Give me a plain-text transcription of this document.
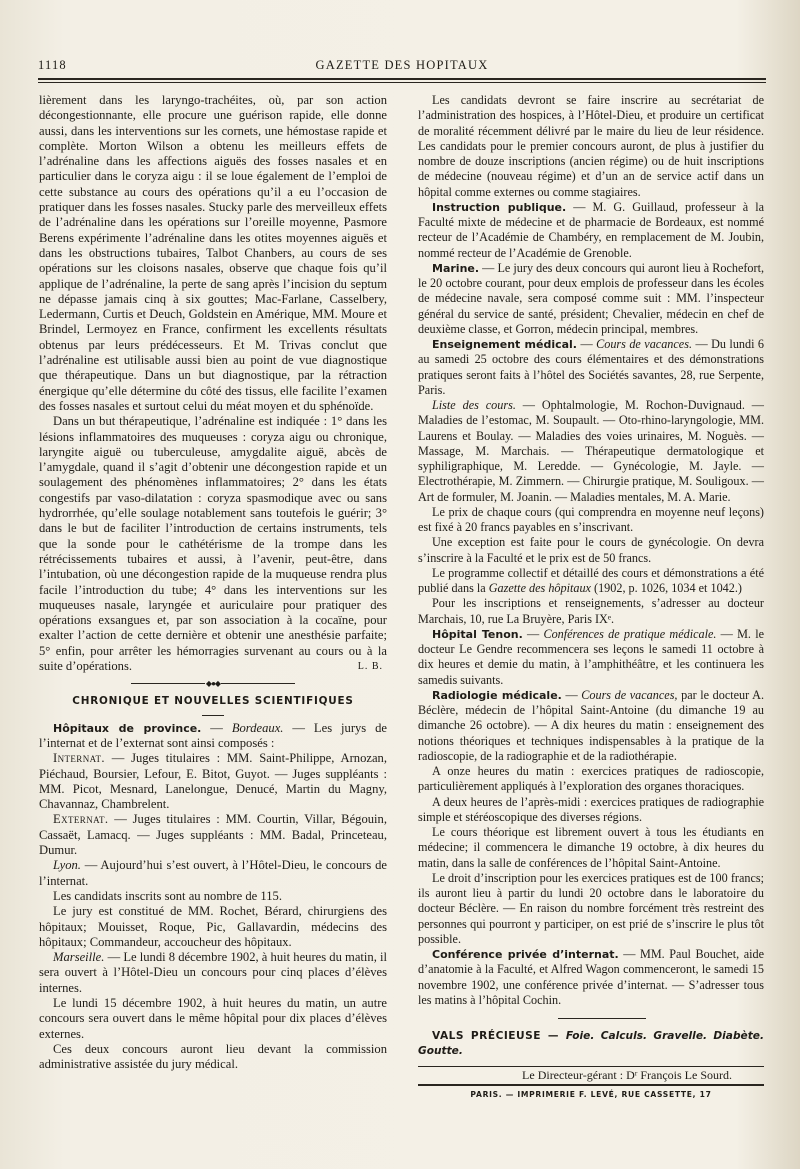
1118	GAZETTE DES HOPITAUX

lièrement dans les laryngo-trachéites, où, par son action décongestionnante, elle procure une guérison rapide, elle donne aussi, dans les interventions sur les cornets, une hémostase rapide et complète. Morton Wilson a obtenu les meilleurs effets de l’adrénaline dans les affections aiguës des fosses nasales et en particulier dans le coryza aigu : il se loue également de l’emploi de cette substance au cours des opérations qu’il a eu l’occasion de pratiquer dans les fosses nasales. Stucky parle des merveilleux effets de l’adrénaline dans les opérations sur l’oreille moyenne, Pasmore Berens expérimente l’adrénaline dans les otites moyennes aiguës et dans les obstructions tubaires, Talbot Chanbers, au cours de ses opérations sur les cloisons nasales, observe que chaque fois qu’il applique de l’adrénaline, la perte de sang après l’incision du septum ne dépasse jamais cinq à six gouttes; Mac-Farlane, Casselbery, Ledermann, Curtis et Deuch, Goldstein en Amérique, MM. Moure et Brindel, Lermoyez en France, confirment les excellents résultats obtenus par leurs prédécesseurs. Et M. Trivas conclut que l’adrénaline est utilisable aussi bien au point de vue diagnostique que thérapeutique. Dans un but diagnostique, par la rétraction énergique qu’elle détermine du côté des tissus, elle facilite l’examen des fosses nasales et surtout celui du méat moyen et du sphénoïde.

Dans un but thérapeutique, l’adrénaline est indiquée : 1° dans les lésions inflammatoires des muqueuses : coryza aigu ou chronique, laryngite aiguë ou tuberculeuse, amygdalite aiguë, abcès de l’amygdale, quand il s’agit d’obtenir une décongestion rapide et un soulagement des phénomènes inflammatoires; 2° dans les états congestifs par vaso-dilatation : coryza spasmodique avec ou sans hydrorrhée, qu’elle soulage notablement sans toutefois le guérir; 3° dans le but de faciliter l’introduction de certains instruments, tels que la sonde pour le cathétérisme de la trompe dans les rétrécissements tubaires et aussi, à l’avenir, peut-être, dans l’intubation, où une décongestion rapide de la muqueuse rendra plus facile l’introduction du tube; 4° dans les interventions sur les muqueuses nasale, laryngée et auriculaire pour pratiquer des opérations exsangues et, par son association à la cocaïne, pour exalter l’action de cette dernière et obtenir une anesthésie parfaite; 5° enfin, pour arrêter les hémorragies survenant au cours ou à la suite d’opérations.	L. B.
◆●◆
CHRONIQUE ET NOUVELLES SCIENTIFIQUES

Hôpitaux de province. — Bordeaux. — Les jurys de l’internat et de l’externat sont ainsi composés :

Internat. — Juges titulaires : MM. Saint-Philippe, Arnozan, Piéchaud, Boursier, Lefour, E. Bitot, Guyot. — Juges suppléants : MM. Picot, Mesnard, Lanelongue, Denucé, Martin du Magny, Chavannaz, Chambrelent.

Externat. — Juges titulaires : MM. Courtin, Villar, Bégouin, Cassaët, Lamacq. — Juges suppléants : MM. Badal, Princeteau, Dumur.

Lyon. — Aujourd’hui s’est ouvert, à l’Hôtel-Dieu, le concours de l’internat.

Les candidats inscrits sont au nombre de 115.

Le jury est constitué de MM. Rochet, Bérard, chirurgiens des hôpitaux; Mouisset, Roque, Pic, Gallavardin, médecins des hôpitaux; Commandeur, accoucheur des hôpitaux.

Marseille. — Le lundi 8 décembre 1902, à huit heures du matin, il sera ouvert à l’Hôtel-Dieu un concours pour cinq places d’élèves internes.

Le lundi 15 décembre 1902, à huit heures du matin, un autre concours sera ouvert dans le même hôpital pour dix places d’élèves externes.

Ces deux concours auront lieu devant la commission administrative assistée du jury médical.

Les candidats devront se faire inscrire au secrétariat de l’administration des hospices, à l’Hôtel-Dieu, et produire un certificat de moralité récemment délivré par le maire du lieu de leur résidence. Les candidats pour le premier concours auront, de plus à justifier du nombre de douze inscriptions (ancien régime) ou de huit inscriptions de médecine (nouveau régime) et d’un an de service actif dans un hôpital comme externes ou comme stagiaires.

Instruction publique. — M. G. Guillaud, professeur à la Faculté mixte de médecine et de pharmacie de Bordeaux, est nommé recteur de l’Académie de Chambéry, en remplacement de M. Joubin, nommé recteur de l’Académie de Grenoble.

Marine. — Le jury des deux concours qui auront lieu à Rochefort, le 20 octobre courant, pour deux emplois de professeur dans les écoles de médecine navale, sera composé comme suit : MM. l’inspecteur général du service de santé, président; Chevalier, médecin en chef de deuxième classe, et Gorron, médecin principal, membres.

Enseignement médical. — Cours de vacances. — Du lundi 6 au samedi 25 octobre des cours élémentaires et des démonstrations pratiques seront faits à l’hôtel des Sociétés savantes, 28, rue Serpente, Paris.

Liste des cours. — Ophtalmologie, M. Rochon-Duvignaud. — Maladies de l’estomac, M. Soupault. — Oto-rhino-laryngologie, MM. Laurens et Boulay. — Maladies des voies urinaires, M. Noguès. — Massage, M. Marchais. — Thérapeutique dermatologique et syphiligraphique, M. Leredde. — Gynécologie, M. Jayle. — Electrothérapie, M. Zimmern. — Chirurgie pratique, M. Souligoux. — Art de formuler, M. Joanin. — Maladies mentales, M. A. Marie.

Le prix de chaque cours (qui comprendra en moyenne neuf leçons) est fixé à 20 francs payables en s’inscrivant.

Une exception est faite pour le cours de gynécologie. On devra s’inscrire à la Faculté et le prix est de 50 francs.

Le programme collectif et détaillé des cours et démonstrations a été publié dans la Gazette des hôpitaux (1902, p. 1026, 1034 et 1042.)

Pour les inscriptions et renseignements, s’adresser au docteur Marchais, 10, rue La Bruyère, Paris IXᵉ.

Hôpital Tenon. — Conférences de pratique médicale. — M. le docteur Le Gendre recommencera ses leçons le samedi 11 octobre à dix heures et demie du matin, à l’amphithéâtre, et les continuera les samedis suivants.

Radiologie médicale. — Cours de vacances, par le docteur A. Béclère, médecin de l’hôpital Saint-Antoine (du dimanche 19 au dimanche 26 octobre). — A dix heures du matin : enseignement des notions théoriques et techniques indispensables à la pratique de la radioscopie, de la radiographie et de la radiothérapie.

A onze heures du matin : exercices pratiques de radioscopie, particulièrement appliqués à l’exploration des organes thoraciques.

A deux heures de l’après-midi : exercices pratiques de radiographie simple et stéréoscopique des diverses régions.

Le cours théorique est librement ouvert à tous les étudiants en médecine; il commencera le dimanche 19 octobre, à dix heures du matin, dans la salle de conférences de l’hôpital Saint-Antoine.

Le droit d’inscription pour les exercices pratiques est de 100 francs; ils auront lieu à partir du lundi 20 octobre dans le laboratoire du docteur Béclère. — En raison du nombre forcément très restreint des personnes qui pourront y participer, on est prié de s’inscrire le plus tôt possible.

Conférence privée d’internat. — MM. Paul Bouchet, aide d’anatomie à la Faculté, et Alfred Wagon commenceront, le samedi 15 novembre 1902, une conférence privée d’internat. — S’adresser tous les matins à l’hôpital Cochin.

VALS PRÉCIEUSE — Foie. Calculs. Gravelle. Diabète. Goutte.

Le Directeur-gérant : Dʳ François Le Sourd.
PARIS. — IMPRIMERIE F. LEVÉ, RUE CASSETTE, 17
